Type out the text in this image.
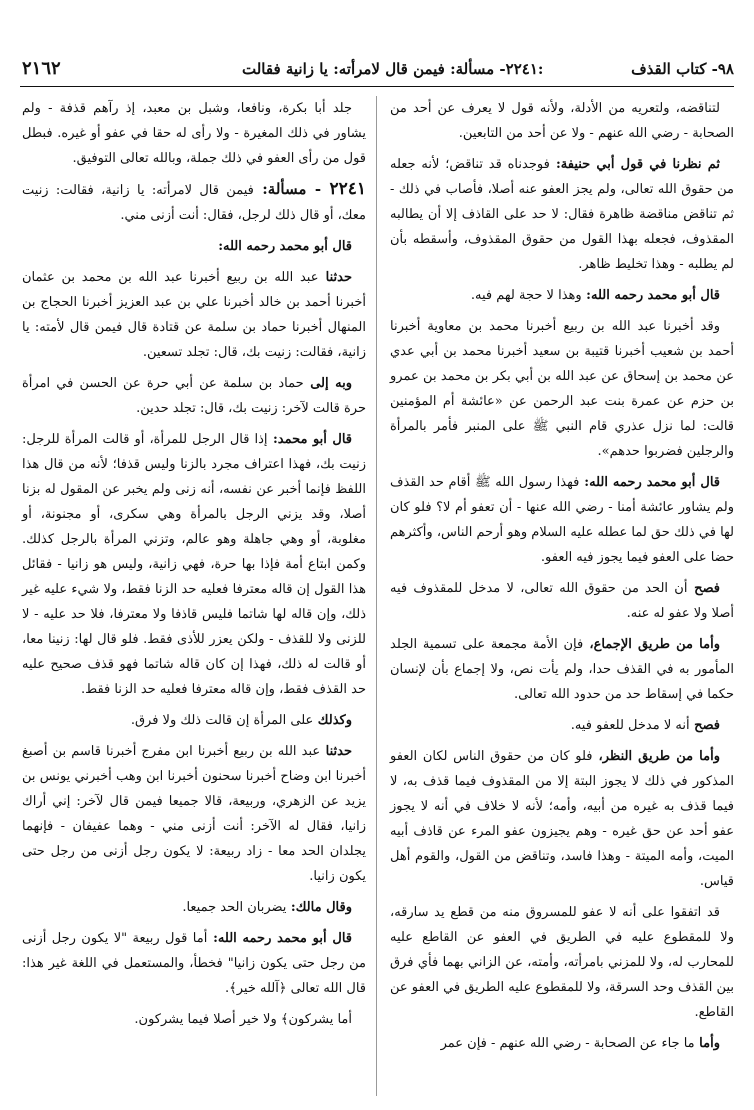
٩٨- كتاب القذف
٢٢٤١- مسألة: فيمن قال لامرأته: يا زانية فقالت:
٢١٦٢

لتناقضه، ولتعريه من الأدلة، ولأنه قول لا يعرف عن أحد من الصحابة - رضي الله عنهم - ولا عن أحد من التابعين.

ثم نظرنا في قول أبي حنيفة: فوجدناه قد تناقض؛ لأنه جعله من حقوق الله تعالى، ولم يجز العفو عنه أصلا، فأصاب في ذلك - ثم تناقض مناقضة ظاهرة فقال: لا حد على القاذف إلا أن يطالبه المقذوف، فجعله بهذا القول من حقوق المقذوف، وأسقطه بأن لم يطلبه - وهذا تخليط ظاهر.

قال أبو محمد رحمه الله: وهذا لا حجة لهم فيه.

وقد أخبرنا عبد الله بن ربيع أخبرنا محمد بن معاوية أخبرنا أحمد بن شعيب أخبرنا قتيبة بن سعيد أخبرنا محمد بن أبي عدي عن محمد بن إسحاق عن عبد الله بن أبي بكر بن محمد بن عمرو بن حزم عن عمرة بنت عبد الرحمن عن «عائشة أم المؤمنين قالت: لما نزل عذري قام النبي ﷺ على المنبر فأمر بالمرأة والرجلين فضربوا حدهم».

قال أبو محمد رحمه الله: فهذا رسول الله ﷺ أقام حد القذف ولم يشاور عائشة أمنا - رضي الله عنها - أن تعفو أم لا؟ فلو كان لها في ذلك حق لما عطله عليه السلام وهو أرحم الناس، وأكثرهم حضا على العفو فيما يجوز فيه العفو.

فصح أن الحد من حقوق الله تعالى، لا مدخل للمقذوف فيه أصلا ولا عفو له عنه.

وأما من طريق الإجماع، فإن الأمة مجمعة على تسمية الجلد المأمور به في القذف حدا، ولم يأت نص، ولا إجماع بأن لإنسان حكما في إسقاط حد من حدود الله تعالى.

فصح أنه لا مدخل للعفو فيه.

وأما من طريق النظر، فلو كان من حقوق الناس لكان العفو المذكور في ذلك لا يجوز البتة إلا من المقذوف فيما قذف به، لا فيما قذف به غيره من أبيه، وأمه؛ لأنه لا خلاف في أنه لا يجوز عفو أحد عن حق غيره - وهم يجيزون عفو المرء عن قاذف أبيه الميت، وأمه الميتة - وهذا فاسد، وتناقض من القول، والقوم أهل قياس.

قد اتفقوا على أنه لا عفو للمسروق منه من قطع يد سارقه، ولا للمقطوع عليه في الطريق في العفو عن القاطع عليه للمحارب له، ولا للمزني بامرأته، وأمته، عن الزاني بهما فأي فرق بين القذف وحد السرقة، ولا للمقطوع عليه الطريق في العفو عن القاطع.

وأما ما جاء عن الصحابة - رضي الله عنهم - فإن عمر

جلد أبا بكرة، ونافعا، وشبل بن معبد، إذ رآهم قذفة - ولم يشاور في ذلك المغيرة - ولا رأى له حقا في عفو أو غيره. فبطل قول من رأى العفو في ذلك جملة، وبالله تعالى التوفيق.

٢٢٤١ - مسألة: فيمن قال لامرأته: يا زانية، فقالت: زنيت معك، أو قال ذلك لرجل، فقال: أنت أزنى مني.

قال أبو محمد رحمه الله:

حدثنا عبد الله بن ربيع أخبرنا عبد الله بن محمد بن عثمان أخبرنا أحمد بن خالد أخبرنا علي بن عبد العزيز أخبرنا الحجاج بن المنهال أخبرنا حماد بن سلمة عن قتادة قال فيمن قال لأمته: يا زانية، فقالت: زنيت بك، قال: تجلد تسعين.

وبه إلى حماد بن سلمة عن أبي حرة عن الحسن في امرأة حرة قالت لآخر: زنيت بك، قال: تجلد حدين.

قال أبو محمد: إذا قال الرجل للمرأة، أو قالت المرأة للرجل: زنيت بك، فهذا اعتراف مجرد بالزنا وليس قذفا؛ لأنه من قال هذا اللفظ فإنما أخبر عن نفسه، أنه زنى ولم يخبر عن المقول له بزنا أصلا، وقد يزني الرجل بالمرأة وهي سكرى، أو مجنونة، أو مغلوبة، أو وهي جاهلة وهو عالم، وتزني المرأة بالرجل كذلك. وكمن ابتاع أمة فإذا بها حرة، فهي زانية، وليس هو زانيا - فقائل هذا القول إن قاله معترفا فعليه حد الزنا فقط، ولا شيء عليه غير ذلك، وإن قاله لها شاتما فليس قاذفا ولا معترفا، فلا حد عليه - لا للزنى ولا للقذف - ولكن يعزر للأذى فقط. فلو قال لها: زنينا معا، أو قالت له ذلك، فهذا إن كان قاله شاتما فهو قذف صحيح عليه حد القذف فقط، وإن قاله معترفا فعليه حد الزنا فقط.

وكذلك على المرأة إن قالت ذلك ولا فرق.

حدثنا عبد الله بن ربيع أخبرنا ابن مفرج أخبرنا قاسم بن أصبغ أخبرنا ابن وضاح أخبرنا سحنون أخبرنا ابن وهب أخبرني يونس بن يزيد عن الزهري، وربيعة، قالا جميعا فيمن قال لآخر: إني أراك زانيا، فقال له الآخر: أنت أزنى مني - وهما عفيفان - فإنهما يجلدان الحد معا - زاد ربيعة: لا يكون رجل أزنى من رجل حتى يكون زانيا.

وقال مالك: يضربان الحد جميعا.

قال أبو محمد رحمه الله: أما قول ربيعة "لا يكون رجل أزنى من رجل حتى يكون زانيا" فخطأ، والمستعمل في اللغة غير هذا: قال الله تعالى ﴿آلله خير﴾.

أما يشركون﴾ ولا خير أصلا فيما يشركون.
